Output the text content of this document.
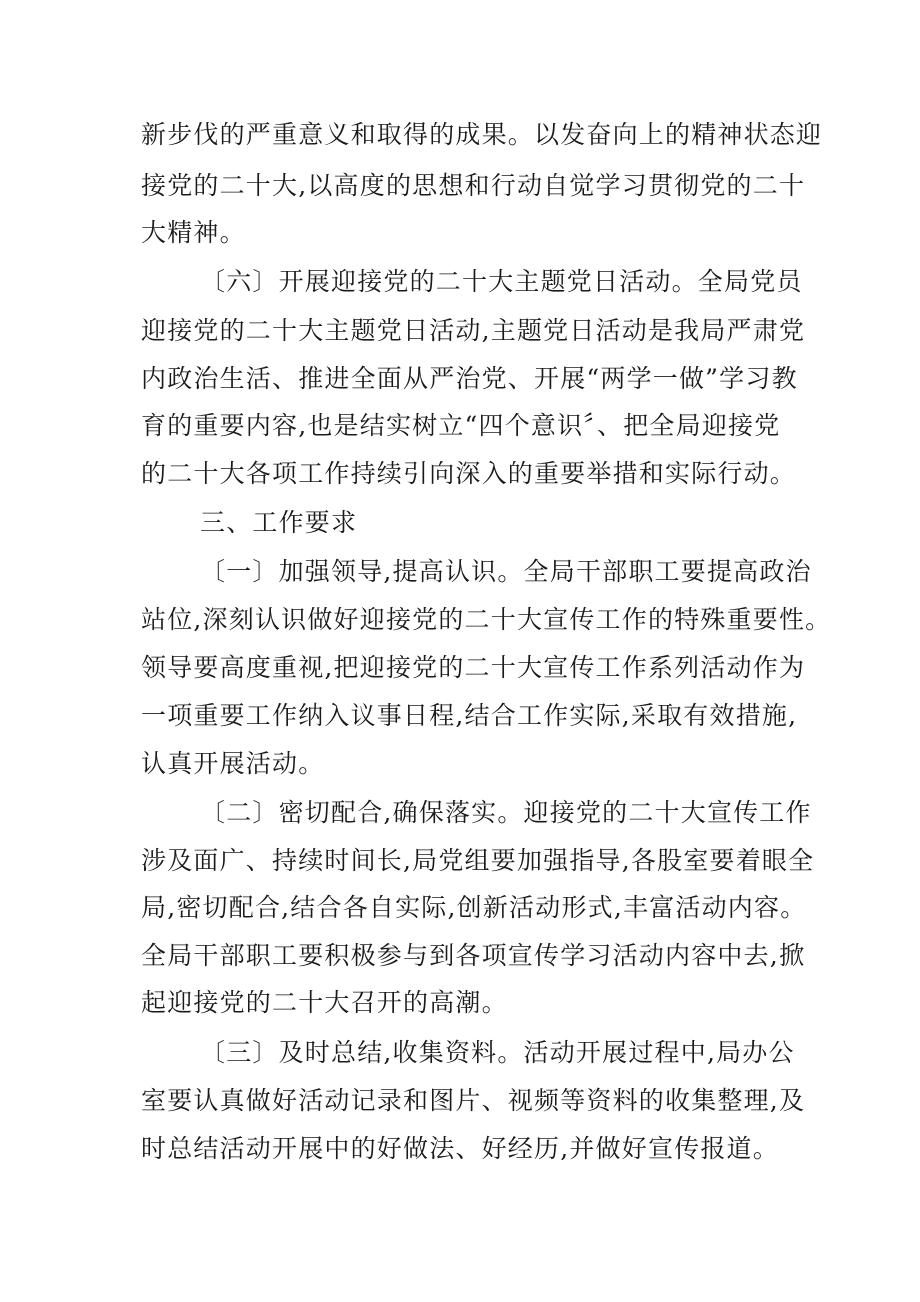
新步伐的严重意义和取得的成果。以发奋向上的精神状态迎

接党的二十大,以高度的思想和行动自觉学习贯彻党的二十

大精神。

〔六〕开展迎接党的二十大主题党日活动。全局党员

迎接党的二十大主题党日活动,主题党日活动是我局严肃党

内政治生活、推进全面从严治党、开展“两学一做”学习教

育的重要内容,也是结实树立“四个意识〞、把全局迎接党

的二十大各项工作持续引向深入的重要举措和实际行动。

三、工作要求

〔一〕加强领导,提高认识。全局干部职工要提高政治

站位,深刻认识做好迎接党的二十大宣传工作的特殊重要性。

领导要高度重视,把迎接党的二十大宣传工作系列活动作为

一项重要工作纳入议事日程,结合工作实际,采取有效措施,

认真开展活动。

〔二〕密切配合,确保落实。迎接党的二十大宣传工作

涉及面广、持续时间长,局党组要加强指导,各股室要着眼全

局,密切配合,结合各自实际,创新活动形式,丰富活动内容。

全局干部职工要积极参与到各项宣传学习活动内容中去,掀

起迎接党的二十大召开的高潮。

〔三〕及时总结,收集资料。活动开展过程中,局办公

室要认真做好活动记录和图片、视频等资料的收集整理,及

时总结活动开展中的好做法、好经历,并做好宣传报道。
